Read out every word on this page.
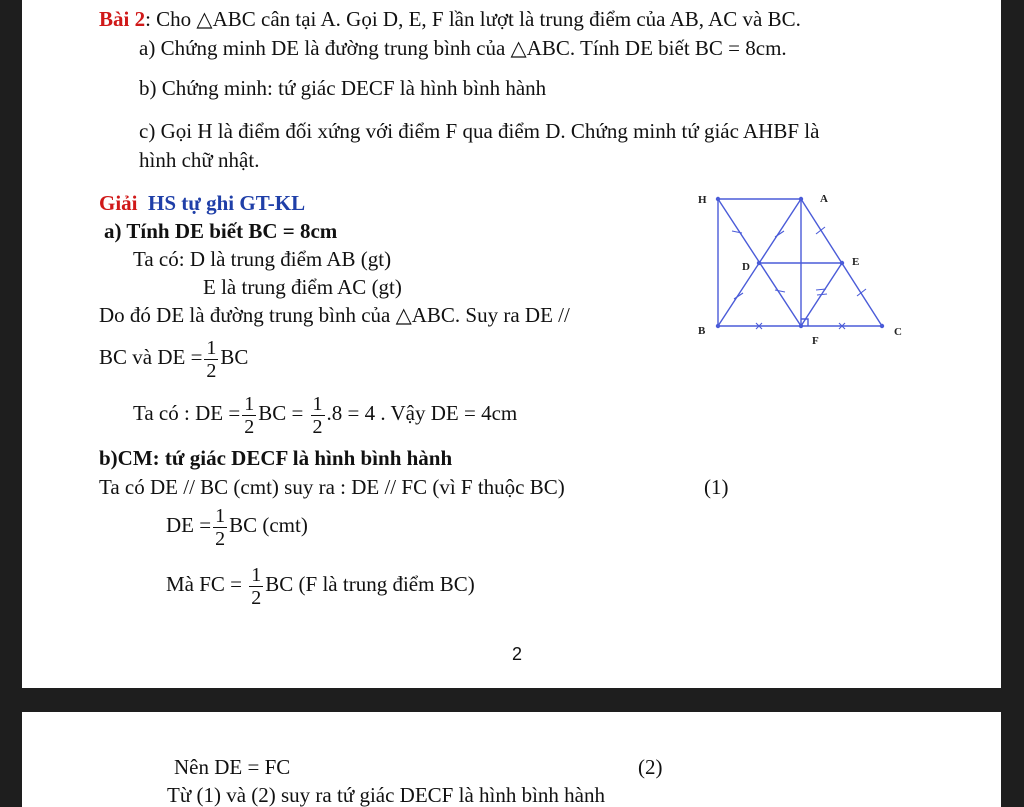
Bài 2: Cho △ABC cân tại A. Gọi D, E, F lần lượt là trung điểm của AB, AC và BC.
a) Chứng minh DE là đường trung bình của △ABC. Tính DE biết BC = 8cm.
b) Chứng minh: tứ giác DECF là hình bình hành
c) Gọi H là điểm đối xứng với điểm F qua điểm D. Chứng minh tứ giác AHBF là
hình chữ nhật.
Giải HS tự ghi GT-KL
a) Tính DE biết BC = 8cm
Ta có: D là trung điểm AB (gt)
E là trung điểm AC (gt)
Do đó DE là đường trung bình của △ABC. Suy ra DE //
BC và DE = $\frac{1}{2}$ BC
Ta có : DE = $\frac{1}{2}$ BC = $\frac{1}{2} .8 = 4$ . Vậy DE = 4cm
b)CM: tứ giác DECF là hình bình hành
Ta có DE // BC (cmt) suy ra : DE // FC (vì F thuộc BC)	(1)
DE = $\frac{1}{2}$ BC (cmt)
Mà FC = $\frac{1}{2}$ BC (F là trung điểm BC)
2
H	A
D	E
B
F
C
Nên DE = FC	(2)
Từ (1) và (2) suy ra tứ giác DECF là hình bình hành
